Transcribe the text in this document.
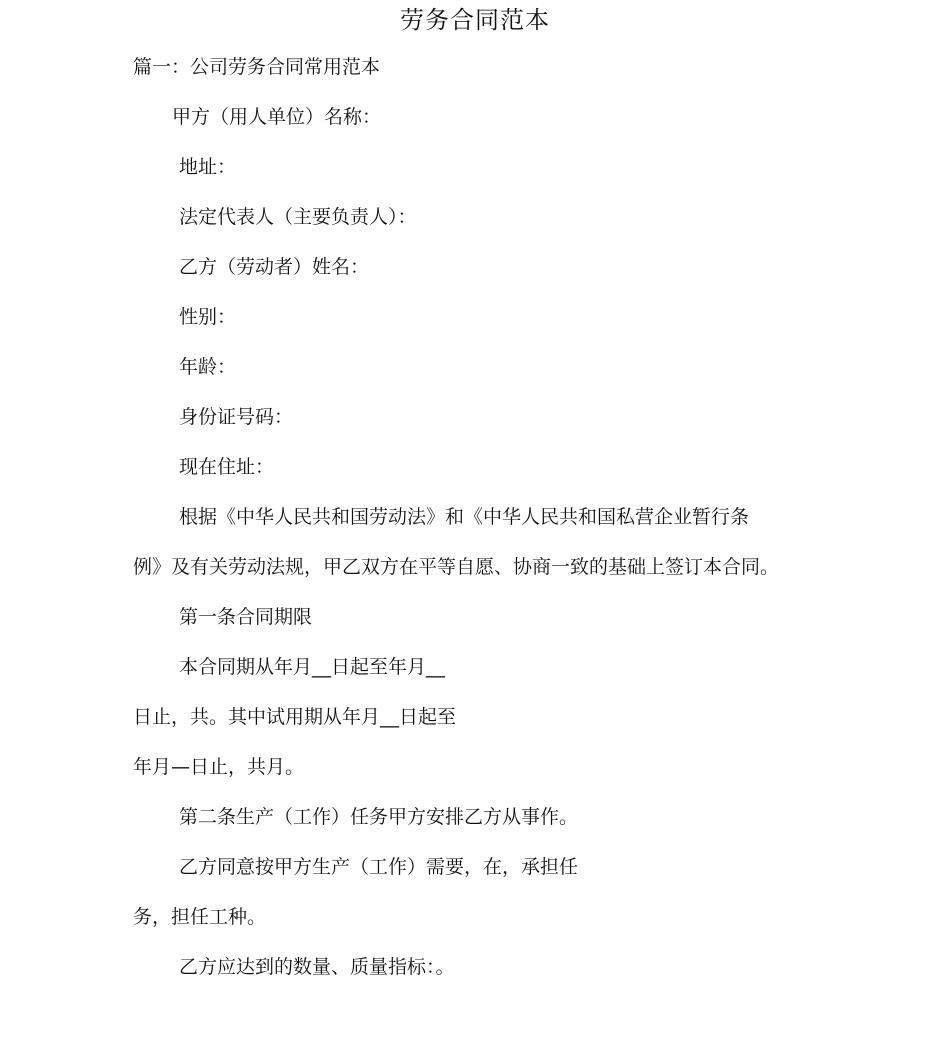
劳务合同范本
篇一：公司劳务合同常用范本
甲方（用人单位）名称：
地址：
法定代表人（主要负责人）：
乙方（劳动者）姓名：
性别：
年龄：
身份证号码：
现在住址：
根据《中华人民共和国劳动法》和《中华人民共和国私营企业暂行条
例》及有关劳动法规，甲乙双方在平等自愿、协商一致的基础上签订本合同。
第一条合同期限
本合同期从年月__日起至年月__
日止，共。其中试用期从年月__日起至
年月—日止，共月。
第二条生产（工作）任务甲方安排乙方从事作。
乙方同意按甲方生产（工作）需要，在，承担任
务，担任工种。
乙方应达到的数量、质量指标：。
